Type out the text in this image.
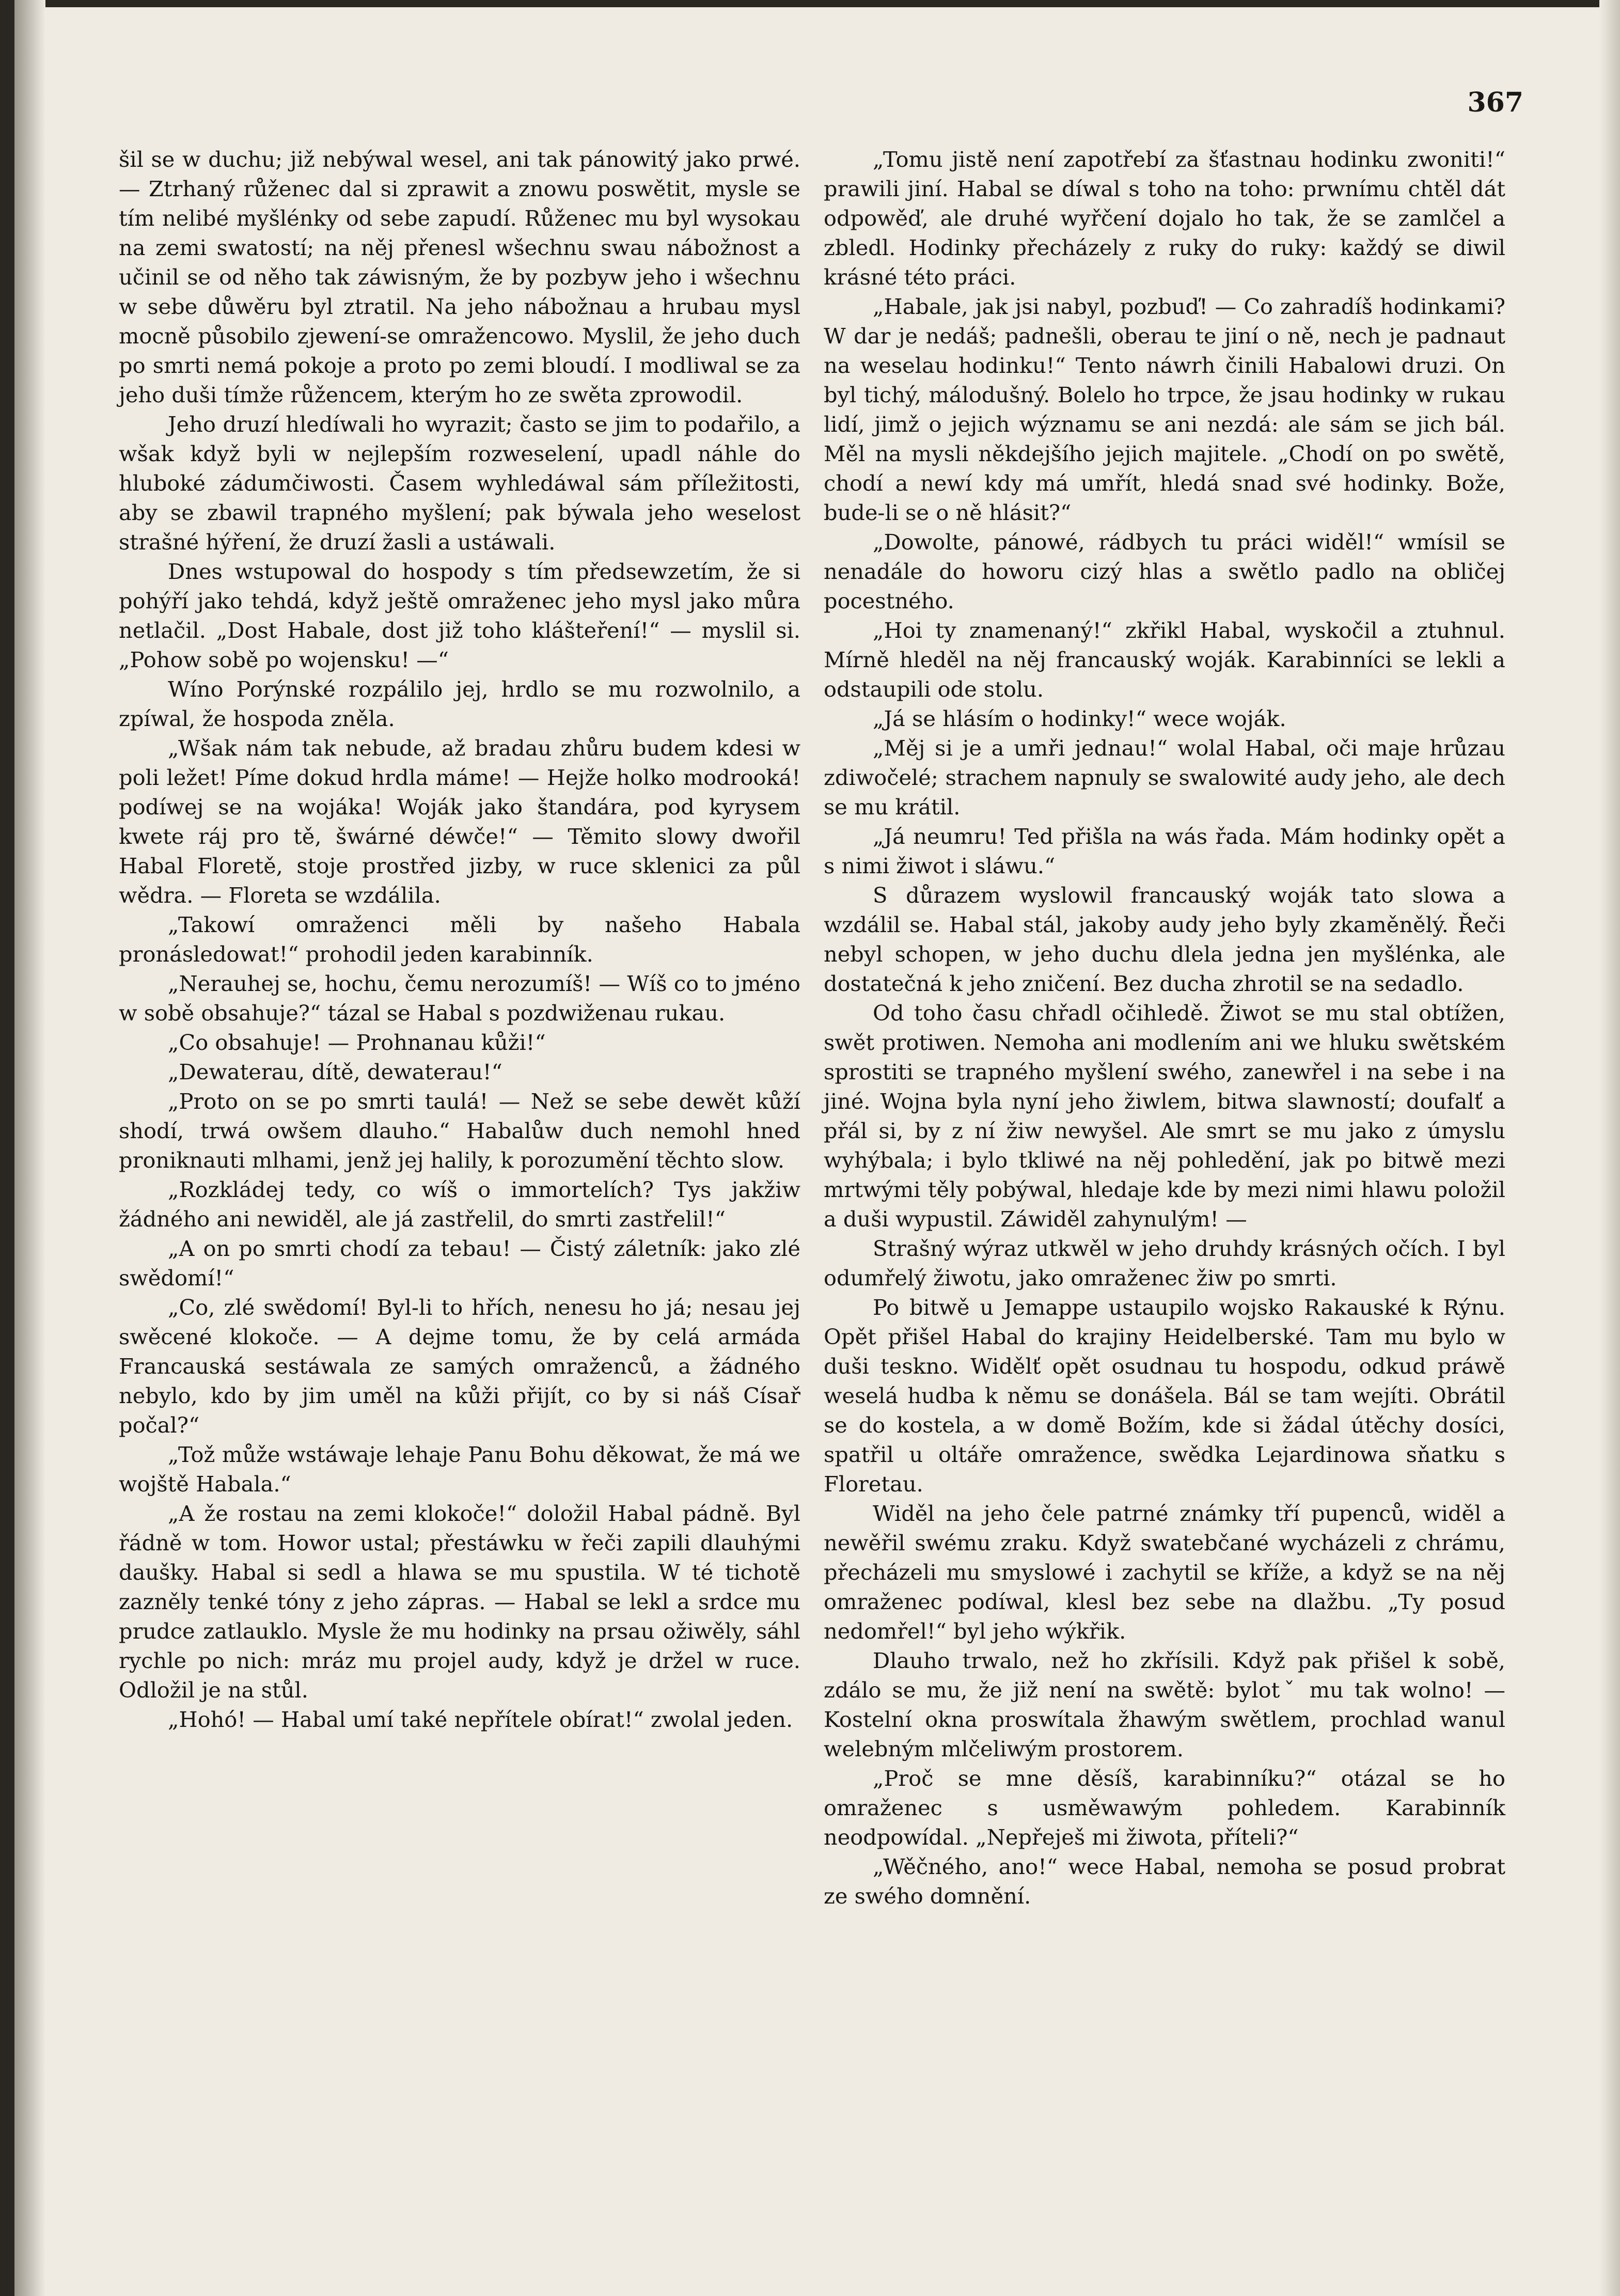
367

šil se w duchu; již nebýwal wesel, ani tak pánowitý jako prwé. — Ztrhaný růženec dal si zprawit a znowu poswětit, mysle se tím nelibé myšlénky od sebe zapudí. Růženec mu byl wysokau na zemi swatostí; na něj přenesl wšechnu swau nábožnost a učinil se od něho tak záwisným, že by pozbyw jeho i wšechnu w sebe důwěru byl ztratil. Na jeho nábožnau a hrubau mysl mocně působilo zjewení-se omražencowo. Myslil, že jeho duch po smrti nemá pokoje a proto po zemi bloudí. I modliwal se za jeho duši tímže růžencem, kterým ho ze swěta zprowodil.

Jeho druzí hledíwali ho wyrazit; často se jim to podařilo, a wšak když byli w nejlepším rozweselení, upadl náhle do hluboké zádumčiwosti. Časem wyhledáwal sám příležitosti, aby se zbawil trapného myšlení; pak býwala jeho weselost strašné hýření, že druzí žasli a ustáwali.

Dnes wstupowal do hospody s tím předsewzetím, že si pohýří jako tehdá, když ještě omraženec jeho mysl jako můra netlačil. „Dost Habale, dost již toho klášteření!“ — myslil si. „Pohow sobě po wojensku! —“

Wíno Porýnské rozpálilo jej, hrdlo se mu rozwolnilo, a zpíwal, že hospoda zněla.

„Wšak nám tak nebude, až bradau zhůru budem kdesi w poli ležet! Píme dokud hrdla máme! — Hejže holko modrooká! podíwej se na wojáka! Woják jako štandára, pod kyrysem kwete ráj pro tě, šwárné déwče!“ — Těmito slowy dwořil Habal Floretě, stoje prostřed jizby, w ruce sklenici za půl wědra. — Floreta se wzdálila.

„Takowí omraženci měli by našeho Habala pronásledowat!“ prohodil jeden karabinník.

„Nerauhej se, hochu, čemu nerozumíš! — Wíš co to jméno w sobě obsahuje?“ tázal se Habal s pozdwiženau rukau.

„Co obsahuje! — Prohnanau kůži!“

„Dewaterau, dítě, dewaterau!“

„Proto on se po smrti taulá! — Než se sebe dewět kůží shodí, trwá owšem dlauho.“ Habalůw duch nemohl hned proniknauti mlhami, jenž jej halily, k porozumění těchto slow.

„Rozkládej tedy, co wíš o immortelích? Tys jakžiw žádného ani newiděl, ale já zastřelil, do smrti zastřelil!“

„A on po smrti chodí za tebau! — Čistý záletník: jako zlé swědomí!“

„Co, zlé swědomí! Byl-li to hřích, nenesu ho já; nesau jej swěcené klokoče. — A dejme tomu, že by celá armáda Francauská sestáwala ze samých omraženců, a žádného nebylo, kdo by jim uměl na kůži přijít, co by si náš Císař počal?“

„Tož může wstáwaje lehaje Panu Bohu děkowat, že má we wojště Habala.“

„A že rostau na zemi klokoče!“ doložil Habal pádně. Byl řádně w tom. Howor ustal; přestáwku w řeči zapili dlauhými daušky. Habal si sedl a hlawa se mu spustila. W té tichotě zazněly tenké tóny z jeho zápras. — Habal se lekl a srdce mu prudce zatlauklo. Mysle že mu hodinky na prsau ožiwěly, sáhl rychle po nich: mráz mu projel audy, když je držel w ruce. Odložil je na stůl.

„Hohó! — Habal umí také nepřítele obírat!“ zwolal jeden.

„Tomu jistě není zapotřebí za šťastnau hodinku zwoniti!“ prawili jiní. Habal se díwal s toho na toho: prwnímu chtěl dát odpowěď, ale druhé wyřčení dojalo ho tak, že se zamlčel a zbledl. Hodinky přecházely z ruky do ruky: každý se diwil krásné této práci.

„Habale, jak jsi nabyl, pozbuď! — Co zahradíš hodinkami? W dar je nedáš; padnešli, oberau te jiní o ně, nech je padnaut na weselau hodinku!“ Tento náwrh činili Habalowi druzi. On byl tichý, málodušný. Bolelo ho trpce, že jsau hodinky w rukau lidí, jimž o jejich wýznamu se ani nezdá: ale sám se jich bál. Měl na mysli někdejšího jejich majitele. „Chodí on po swětě, chodí a newí kdy má umřít, hledá snad své hodinky. Bože, bude-li se o ně hlásit?“

„Dowolte, pánowé, rádbych tu práci widěl!“ wmísil se nenadále do howoru cizý hlas a swětlo padlo na obličej pocestného.

„Hoi ty znamenaný!“ zkřikl Habal, wyskočil a ztuhnul. Mírně hleděl na něj francauský woják. Karabinníci se lekli a odstaupili ode stolu.

„Já se hlásím o hodinky!“ wece woják.

„Měj si je a umři jednau!“ wolal Habal, oči maje hrůzau zdiwočelé; strachem napnuly se swalowité audy jeho, ale dech se mu krátil.

„Já neumru! Ted přišla na wás řada. Mám hodinky opět a s nimi žiwot i sláwu.“

S důrazem wyslowil francauský woják tato slowa a wzdálil se. Habal stál, jakoby audy jeho byly zkaměnělý. Řeči nebyl schopen, w jeho duchu dlela jedna jen myšlénka, ale dostatečná k jeho zničení. Bez ducha zhrotil se na sedadlo.

Od toho času chřadl očihledě. Žiwot se mu stal obtížen, swět protiwen. Nemoha ani modlením ani we hluku swětském sprostiti se trapného myšlení swého, zanewřel i na sebe i na jiné. Wojna byla nyní jeho žiwlem, bitwa slawností; doufalť a přál si, by z ní žiw newyšel. Ale smrt se mu jako z úmyslu wyhýbala; i bylo tkliwé na něj pohledění, jak po bitwě mezi mrtwými těly pobýwal, hledaje kde by mezi nimi hlawu položil a duši wypustil. Záwiděl zahynulým! —

Strašný wýraz utkwěl w jeho druhdy krásných očích. I byl odumřelý žiwotu, jako omraženec žiw po smrti.

Po bitwě u Jemappe ustaupilo wojsko Rakauské k Rýnu. Opět přišel Habal do krajiny Heidelberské. Tam mu bylo w duši teskno. Widělť opět osudnau tu hospodu, odkud práwě weselá hudba k němu se donášela. Bál se tam wejíti. Obrátil se do kostela, a w domě Božím, kde si žádal útěchy dosíci, spatřil u oltáře omražence, swědka Lejardinowa sňatku s Floretau.

Widěl na jeho čele patrné známky tří pupenců, widěl a newěřil swému zraku. Když swatebčané wycházeli z chrámu, přecházeli mu smyslowé i zachytil se kříže, a když se na něj omraženec podíwal, klesl bez sebe na dlažbu. „Ty posud nedomřel!“ byl jeho wýkřik.

Dlauho trwalo, než ho zkřísili. Když pak přišel k sobě, zdálo se mu, že již není na swětě: bylotˇ mu tak wolno! — Kostelní okna proswítala žhawým swětlem, prochlad wanul welebným mlčeliwým prostorem.

„Proč se mne děsíš, karabinníku?“ otázal se ho omraženec s usměwawým pohledem. Karabinník neodpowídal. „Nepřeješ mi žiwota, příteli?“

„Wěčného, ano!“ wece Habal, nemoha se posud probrat ze swého domnění.
